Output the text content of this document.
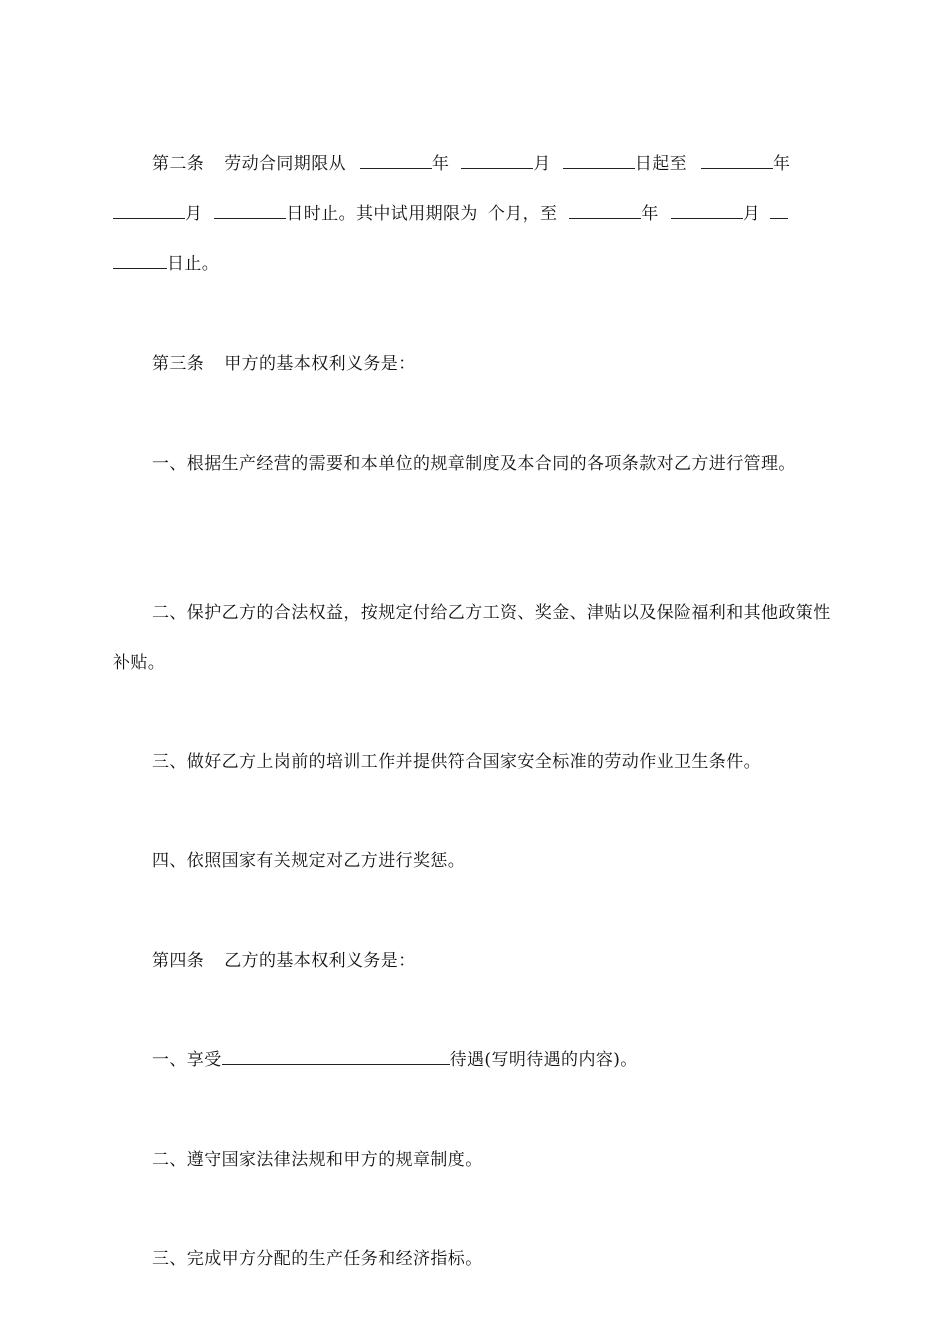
第二条 劳动合同期限从	年	月	日起至	年月	日时止。其中试用期限为 个月，至	年	月日止。

第三条 甲方的基本权利义务是：

一、根据生产经营的需要和本单位的规章制度及本合同的各项条款对乙方进行管理。

二、保护乙方的合法权益，按规定付给乙方工资、奖金、津贴以及保险福利和其他政策性补贴。

三、做好乙方上岗前的培训工作并提供符合国家安全标准的劳动作业卫生条件。

四、依照国家有关规定对乙方进行奖惩。

第四条 乙方的基本权利义务是：

一、享受	待遇(写明待遇的内容)。

二、遵守国家法律法规和甲方的规章制度。

三、完成甲方分配的生产任务和经济指标。
